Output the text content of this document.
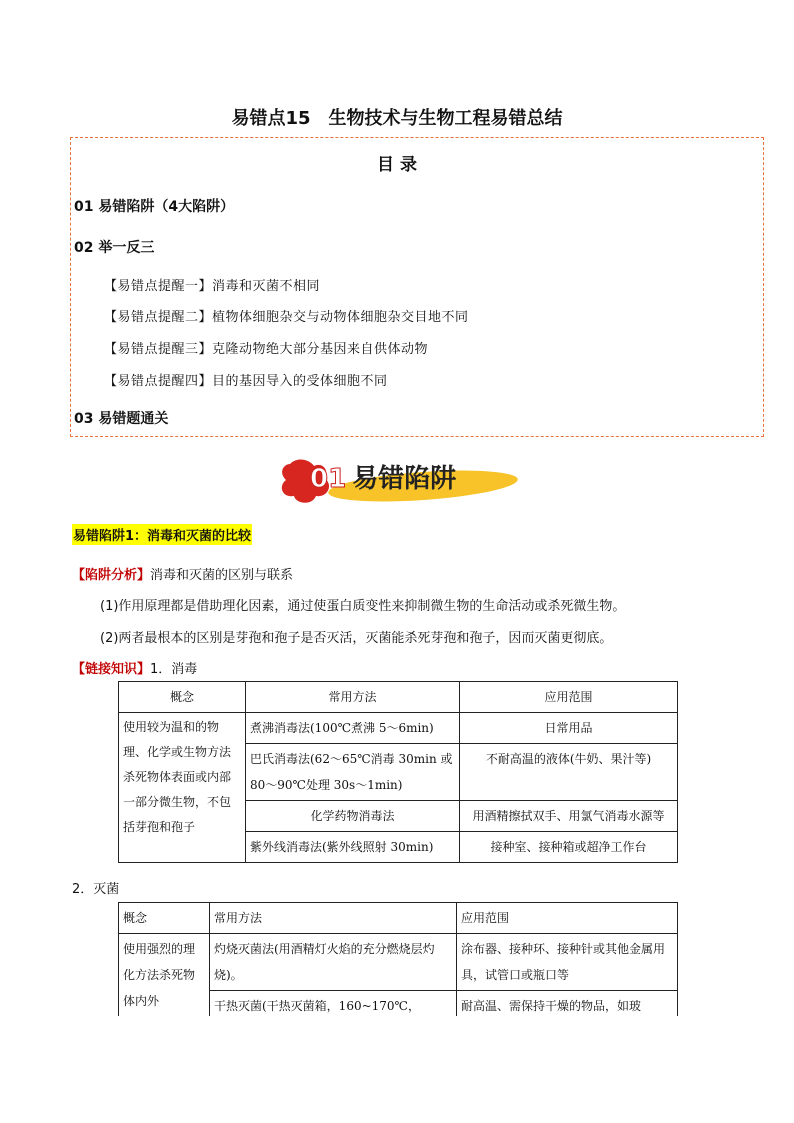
易错点15　生物技术与生物工程易错总结
目 录
01 易错陷阱（4大陷阱）
02 举一反三
【易错点提醒一】消毒和灭菌不相同
【易错点提醒二】植物体细胞杂交与动物体细胞杂交目地不同
【易错点提醒三】克隆动物绝大部分基因来自供体动物
【易错点提醒四】目的基因导入的受体细胞不同
03 易错题通关
01 易错陷阱
易错陷阱1：消毒和灭菌的比较
【陷阱分析】消毒和灭菌的区别与联系
(1)作用原理都是借助理化因素，通过使蛋白质变性来抑制微生物的生命活动或杀死微生物。
(2)两者最根本的区别是芽孢和孢子是否灭活，灭菌能杀死芽孢和孢子，因而灭菌更彻底。
【链接知识】1．消毒
概念	常用方法	应用范围
使用较为温和的物理、化学或生物方法杀死物体表面或内部一部分微生物，不包括芽孢和孢子	煮沸消毒法(100℃煮沸 5～6min)	日常用品
	巴氏消毒法(62～65℃消毒 30min 或 80～90℃处理 30s～1min)	不耐高温的液体(牛奶、果汁等)
	化学药物消毒法	用酒精擦拭双手、用氯气消毒水源等
	紫外线消毒法(紫外线照射 30min)	接种室、接种箱或超净工作台
2．灭菌
概念	常用方法	应用范围
使用强烈的理化方法杀死物体内外	灼烧灭菌法(用酒精灯火焰的充分燃烧层灼烧)。	涂布器、接种环、接种针或其他金属用具，试管口或瓶口等
	干热灭菌(干热灭菌箱，160~170℃，	耐高温、需保持干燥的物品，如玻
